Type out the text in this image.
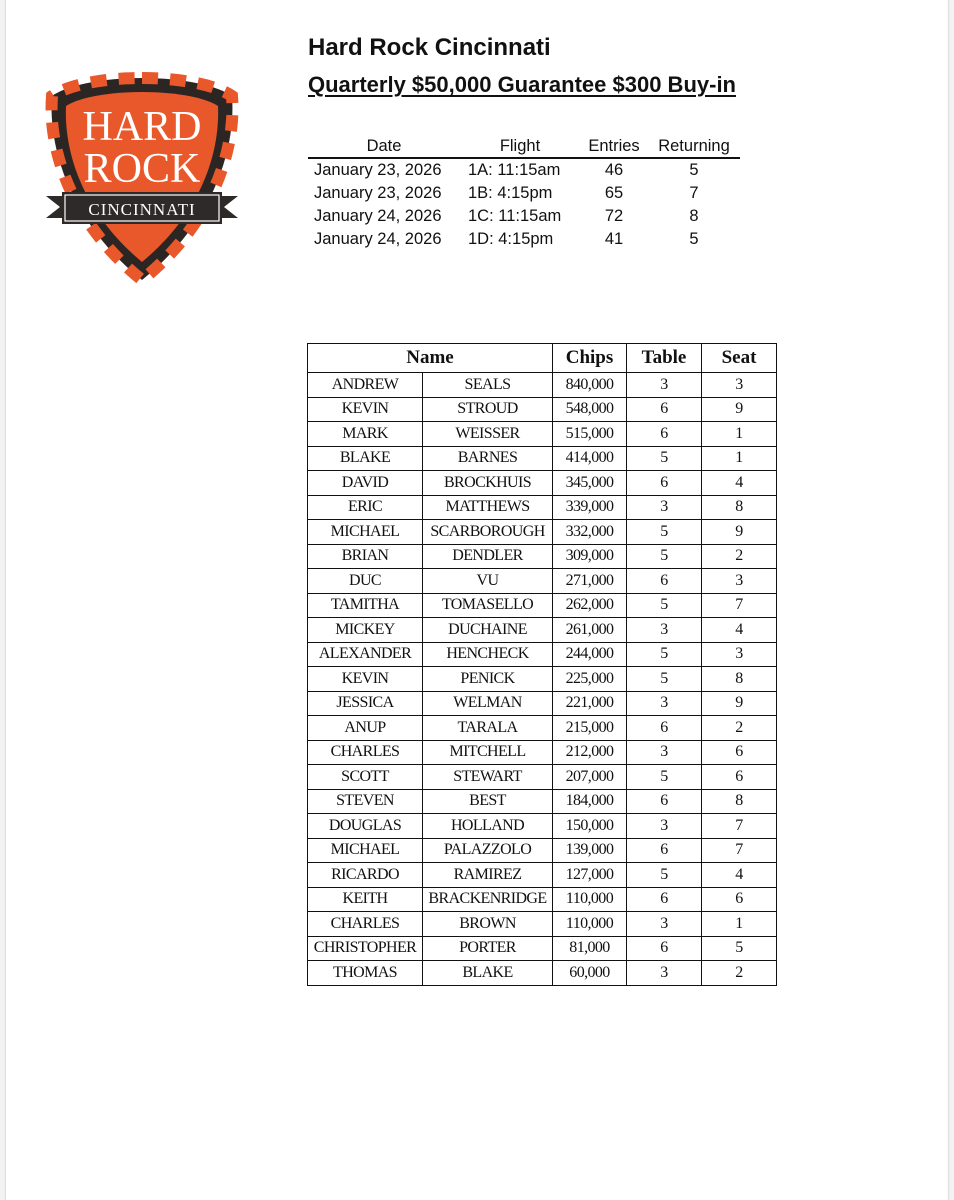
HARD
ROCK
CINCINNATI
Hard Rock Cincinnati
Quarterly $50,000 Guarantee $300 Buy-in
Date	Flight	Entries	Returning
January 23, 2026	1A: 11:15am	46	5
January 23, 2026	1B: 4:15pm	65	7
January 24, 2026	1C: 11:15am	72	8
January 24, 2026	1D: 4:15pm	41	5
Name		Chips	Table	Seat
ANDREW	SEALS	840,000	3	3
KEVIN	STROUD	548,000	6	9
MARK	WEISSER	515,000	6	1
BLAKE	BARNES	414,000	5	1
DAVID	BROCKHUIS	345,000	6	4
ERIC	MATTHEWS	339,000	3	8
MICHAEL	SCARBOROUGH	332,000	5	9
BRIAN	DENDLER	309,000	5	2
DUC	VU	271,000	6	3
TAMITHA	TOMASELLO	262,000	5	7
MICKEY	DUCHAINE	261,000	3	4
ALEXANDER	HENCHECK	244,000	5	3
KEVIN	PENICK	225,000	5	8
JESSICA	WELMAN	221,000	3	9
ANUP	TARALA	215,000	6	2
CHARLES	MITCHELL	212,000	3	6
SCOTT	STEWART	207,000	5	6
STEVEN	BEST	184,000	6	8
DOUGLAS	HOLLAND	150,000	3	7
MICHAEL	PALAZZOLO	139,000	6	7
RICARDO	RAMIREZ	127,000	5	4
KEITH	BRACKENRIDGE	110,000	6	6
CHARLES	BROWN	110,000	3	1
CHRISTOPHER	PORTER	81,000	6	5
THOMAS	BLAKE	60,000	3	2
